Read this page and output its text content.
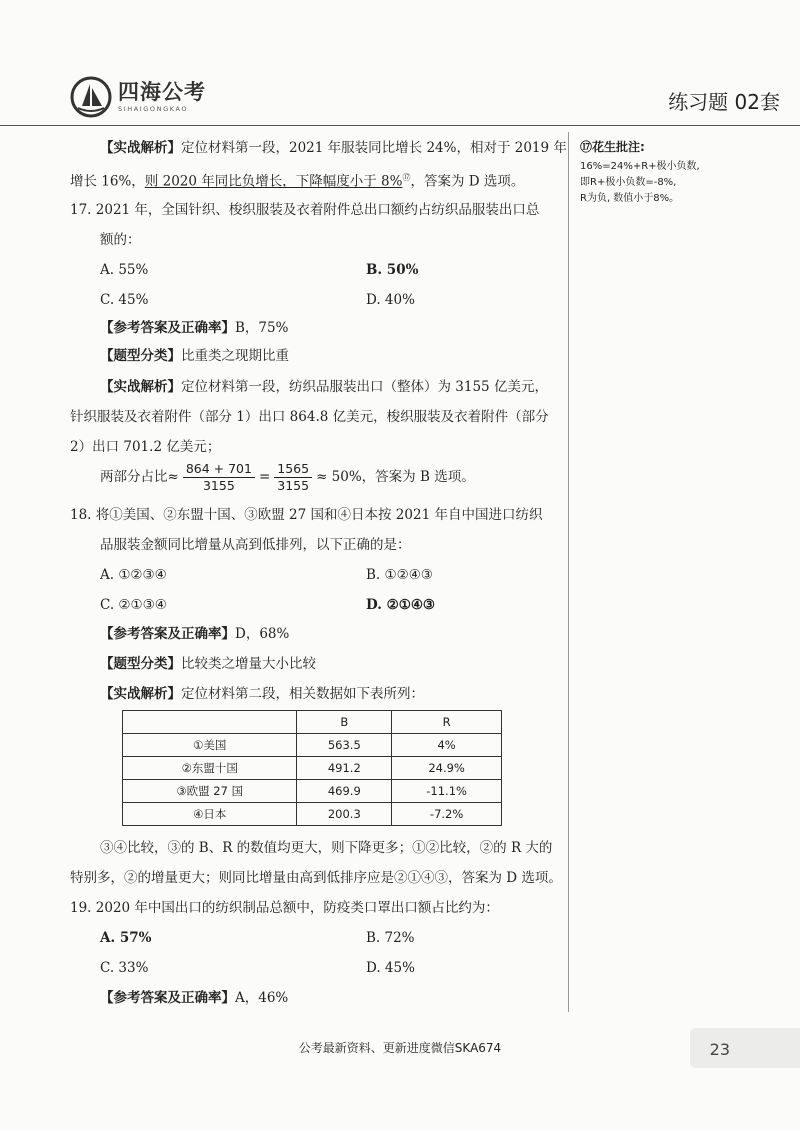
四海公考
SIHAIGONGKAO	练习题 02套
⑰花生批注:
16%=24%+R+极小负数,
即R+极小负数=-8%,
R为负, 数值小于8%。
【实战解析】定位材料第一段，2021 年服装同比增长 24%，相对于 2019 年
增长 16%，则 2020 年同比负增长，下降幅度小于 8%⑰，答案为 D 选项。
17. 2021 年，全国针织、梭织服装及衣着附件总出口额约占纺织品服装出口总
额的：
A. 55%	B. 50%
C. 45%	D. 40%
【参考答案及正确率】B，75%
【题型分类】比重类之现期比重
【实战解析】定位材料第一段，纺织品服装出口（整体）为 3155 亿美元，
针织服装及衣着附件（部分 1）出口 864.8 亿美元，梭织服装及衣着附件（部分
2）出口 701.2 亿美元；
两部分占比≈ $\frac{864 + 701}{3155} = \frac{1565}{3155} \approx 50\%$，答案为 B 选项。
18. 将①美国、②东盟十国、③欧盟 27 国和④日本按 2021 年自中国进口纺织
品服装金额同比增量从高到低排列，以下正确的是：
A. ①②③④	B. ①②④③
C. ②①③④	D. ②①④③
【参考答案及正确率】D，68%
【题型分类】比较类之增量大小比较
【实战解析】定位材料第二段，相关数据如下表所列：
	B	R
①美国	563.5	4%
②东盟十国	491.2	24.9%
③欧盟 27 国	469.9	-11.1%
④日本	200.3	-7.2%
③④比较，③的 B、R 的数值均更大，则下降更多；①②比较，②的 R 大的
特别多，②的增量更大；则同比增量由高到低排序应是②①④③，答案为 D 选项。
19. 2020 年中国出口的纺织制品总额中，防疫类口罩出口额占比约为：
A. 57%	B. 72%
C. 33%	D. 45%
【参考答案及正确率】A，46%
公考最新资料、更新进度微信SKA674	23
